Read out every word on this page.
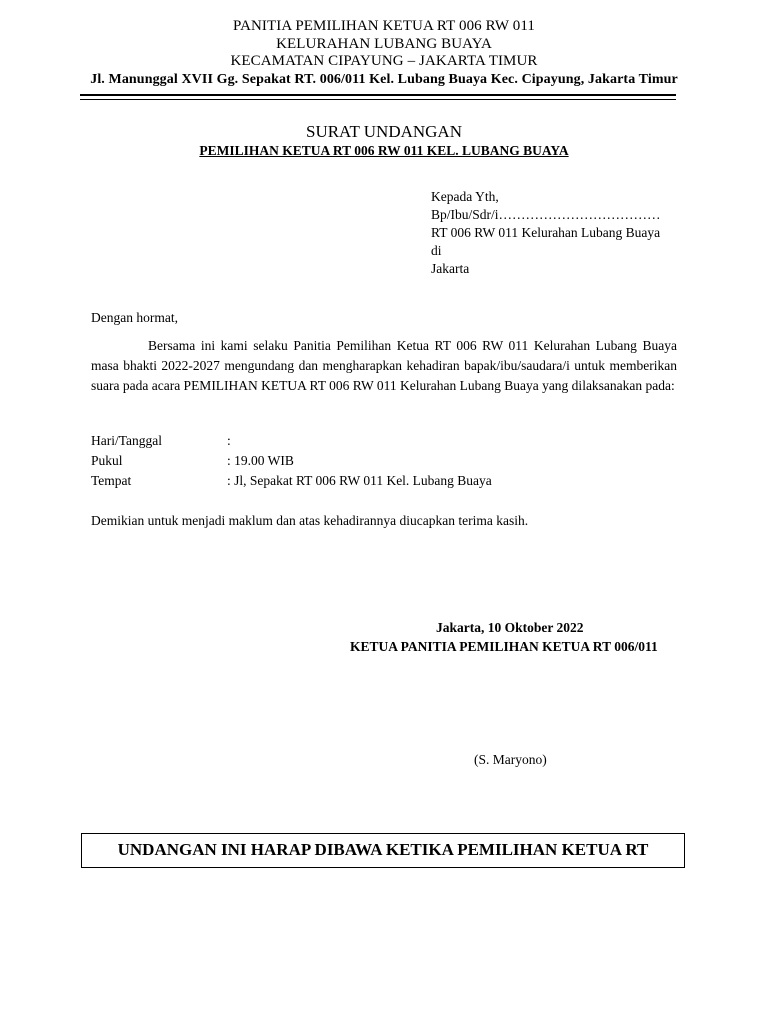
PANITIA PEMILIHAN KETUA RT 006 RW 011
KELURAHAN LUBANG BUAYA
KECAMATAN CIPAYUNG – JAKARTA TIMUR
Jl. Manunggal XVII Gg. Sepakat RT. 006/011 Kel. Lubang Buaya Kec. Cipayung, Jakarta Timur
SURAT UNDANGAN
PEMILIHAN KETUA RT 006 RW 011 KEL. LUBANG BUAYA
Kepada Yth,
Bp/Ibu/Sdr/i………………………………
RT 006 RW 011 Kelurahan Lubang Buaya
di
Jakarta
Dengan hormat,
Bersama ini kami selaku Panitia Pemilihan Ketua RT 006 RW 011 Kelurahan Lubang Buaya masa bhakti 2022-2027 mengundang dan mengharapkan kehadiran bapak/ibu/saudara/i untuk memberikan suara pada acara PEMILIHAN KETUA RT 006 RW 011 Kelurahan Lubang Buaya yang dilaksanakan pada:
Hari/Tanggal	:
Pukul	: 19.00 WIB
Tempat	: Jl, Sepakat RT 006 RW 011 Kel. Lubang Buaya
Demikian untuk menjadi maklum dan atas kehadirannya diucapkan terima kasih.
Jakarta, 10 Oktober 2022
KETUA PANITIA PEMILIHAN KETUA RT 006/011
(S. Maryono)
UNDANGAN INI HARAP DIBAWA KETIKA PEMILIHAN KETUA RT
